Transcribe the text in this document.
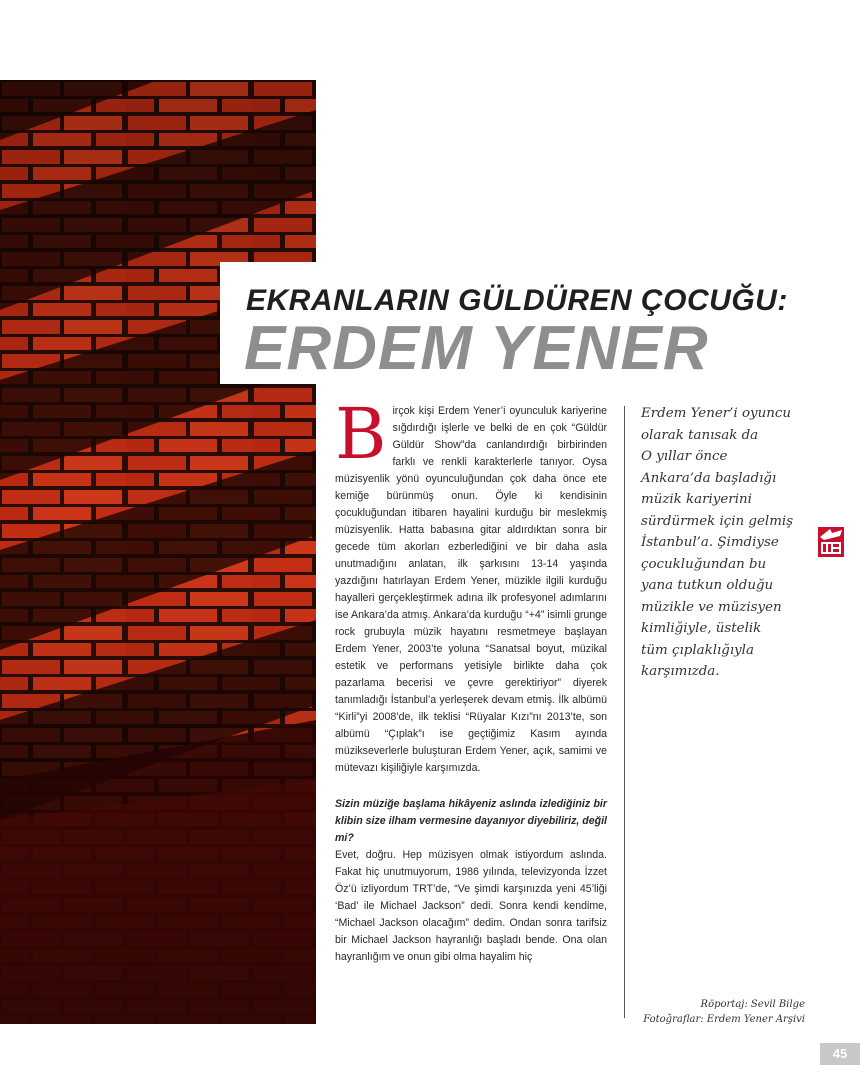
EKRANLARIN GÜLDÜREN ÇOCUĞU:
ERDEM YENER

Birçok kişi Erdem Yener’i oyunculuk kariyerine sığdırdığı işlerle ve belki de en çok “Güldür Güldür Show”da canlandırdığı birbirinden farklı ve renkli karakterlerle tanıyor. Oysa müzisyenlik yönü oyunculuğundan çok daha önce ete kemiğe bürünmüş onun. Öyle ki kendisinin çocukluğundan itibaren hayalini kurduğu bir meslekmiş müzisyenlik. Hatta babasına gitar aldırdıktan sonra bir gecede tüm akorları ezberlediğini ve bir daha asla unutmadığını anlatan, ilk şarkısını 13-14 yaşında yazdığını hatırlayan Erdem Yener, müzikle ilgili kurduğu hayalleri gerçekleştirmek adına ilk profesyonel adımlarını ise Ankara’da atmış. Ankara’da kurduğu “+4” isimli grunge rock grubuyla müzik hayatını resmetmeye başlayan Erdem Yener, 2003’te yoluna “Sanatsal boyut, müzikal estetik ve performans yetisiyle birlikte daha çok pazarlama becerisi ve çevre gerektiriyor” diyerek tanımladığı İstanbul’a yerleşerek devam etmiş. İlk albümü “Kirli”yi 2008’de, ilk teklisi “Rüyalar Kızı”nı 2013’te, son albümü “Çıplak”ı ise geçtiğimiz Kasım ayında müzikseverlerle buluşturan Erdem Yener, açık, samimi ve mütevazı kişiliğiyle karşımızda.

Sizin müziğe başlama hikâyeniz aslında izlediğiniz bir klibin size ilham vermesine dayanıyor diyebiliriz, değil mi?

Evet, doğru. Hep müzisyen olmak istiyordum aslında. Fakat hiç unutmuyorum, 1986 yılında, televizyonda İzzet Öz’ü izliyordum TRT’de, “Ve şimdi karşınızda yeni 45’liği ‘Bad’ ile Michael Jackson” dedi. Sonra kendi kendime, “Michael Jackson olacağım” dedim. Ondan sonra tarifsiz bir Michael Jackson hayranlığı başladı bende. Ona olan hayranlığım ve onun gibi olma hayalim hiç

Erdem Yener’i oyuncu
olarak tanısak da
O yıllar önce
Ankara’da başladığı
müzik kariyerini
sürdürmek için gelmiş
İstanbul’a. Şimdiyse
çocukluğundan bu
yana tutkun olduğu
müzikle ve müzisyen
kimliğiyle, üstelik
tüm çıplaklığıyla
karşımızda.
Röportaj: Sevil Bilge
Fotoğraflar: Erdem Yener Arşivi
45
